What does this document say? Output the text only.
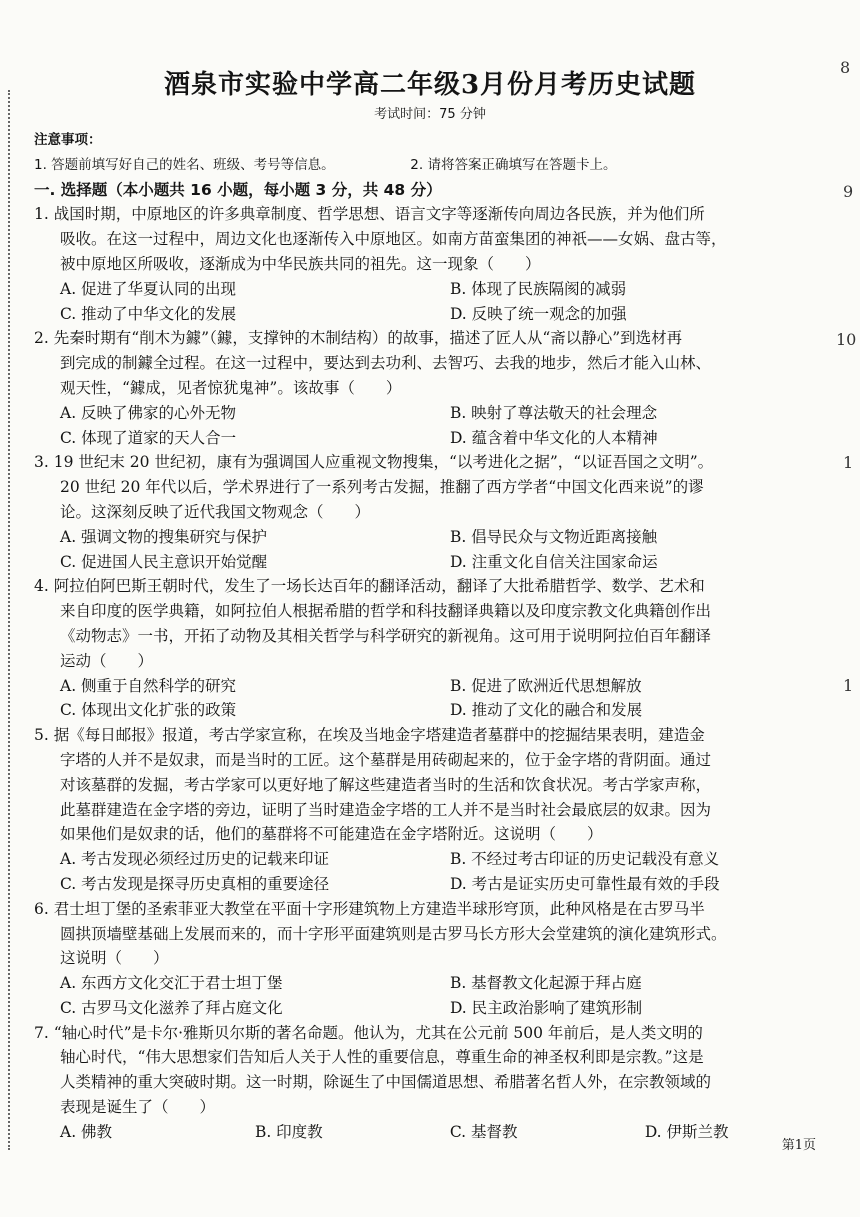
8
9
10
1
1
酒泉市实验中学高二年级3月份月考历史试题
考试时间：75 分钟
注意事项：
1. 答题前填写好自己的姓名、班级、考号等信息。	2. 请将答案正确填写在答题卡上。
一. 选择题（本小题共 16 小题，每小题 3 分，共 48 分）
1. 战国时期，中原地区的许多典章制度、哲学思想、语言文字等逐渐传向周边各民族，并为他们所
吸收。在这一过程中，周边文化也逐渐传入中原地区。如南方苗蛮集团的神祇——女娲、盘古等，
被中原地区所吸收，逐渐成为中华民族共同的祖先。这一现象（　　）
A. 促进了华夏认同的出现	B. 体现了民族隔阂的减弱
C. 推动了中华文化的发展	D. 反映了统一观念的加强
2. 先秦时期有“削木为鐻”（鐻，支撑钟的木制结构）的故事，描述了匠人从“斋以静心”到选材再
到完成的制鐻全过程。在这一过程中，要达到去功利、去智巧、去我的地步，然后才能入山林、
观天性，“鐻成，见者惊犹鬼神”。该故事（　　）
A. 反映了佛家的心外无物	B. 映射了尊法敬天的社会理念
C. 体现了道家的天人合一	D. 蕴含着中华文化的人本精神
3. 19 世纪末 20 世纪初，康有为强调国人应重视文物搜集，“以考进化之据”，“以证吾国之文明”。
20 世纪 20 年代以后，学术界进行了一系列考古发掘，推翻了西方学者“中国文化西来说”的谬
论。这深刻反映了近代我国文物观念（　　）
A. 强调文物的搜集研究与保护	B. 倡导民众与文物近距离接触
C. 促进国人民主意识开始觉醒	D. 注重文化自信关注国家命运
4. 阿拉伯阿巴斯王朝时代，发生了一场长达百年的翻译活动，翻译了大批希腊哲学、数学、艺术和
来自印度的医学典籍，如阿拉伯人根据希腊的哲学和科技翻译典籍以及印度宗教文化典籍创作出
《动物志》一书，开拓了动物及其相关哲学与科学研究的新视角。这可用于说明阿拉伯百年翻译
运动（　　）
A. 侧重于自然科学的研究	B. 促进了欧洲近代思想解放
C. 体现出文化扩张的政策	D. 推动了文化的融合和发展
5. 据《每日邮报》报道，考古学家宣称，在埃及当地金字塔建造者墓群中的挖掘结果表明，建造金
字塔的人并不是奴隶，而是当时的工匠。这个墓群是用砖砌起来的，位于金字塔的背阴面。通过
对该墓群的发掘，考古学家可以更好地了解这些建造者当时的生活和饮食状况。考古学家声称，
此墓群建造在金字塔的旁边，证明了当时建造金字塔的工人并不是当时社会最底层的奴隶。因为
如果他们是奴隶的话，他们的墓群将不可能建造在金字塔附近。这说明（　　）
A. 考古发现必须经过历史的记载来印证	B. 不经过考古印证的历史记载没有意义
C. 考古发现是探寻历史真相的重要途径	D. 考古是证实历史可靠性最有效的手段
6. 君士坦丁堡的圣索菲亚大教堂在平面十字形建筑物上方建造半球形穹顶，此种风格是在古罗马半
圆拱顶墙壁基础上发展而来的，而十字形平面建筑则是古罗马长方形大会堂建筑的演化建筑形式。
这说明（　　）
A. 东西方文化交汇于君士坦丁堡	B. 基督教文化起源于拜占庭
C. 古罗马文化滋养了拜占庭文化	D. 民主政治影响了建筑形制
7. “轴心时代”是卡尔·雅斯贝尔斯的著名命题。他认为，尤其在公元前 500 年前后，是人类文明的
轴心时代，“伟大思想家们告知后人关于人性的重要信息，尊重生命的神圣权利即是宗教。”这是
人类精神的重大突破时期。这一时期，除诞生了中国儒道思想、希腊著名哲人外，在宗教领域的
表现是诞生了（　　）
A. 佛教	B. 印度教	C. 基督教	D. 伊斯兰教
第1页
